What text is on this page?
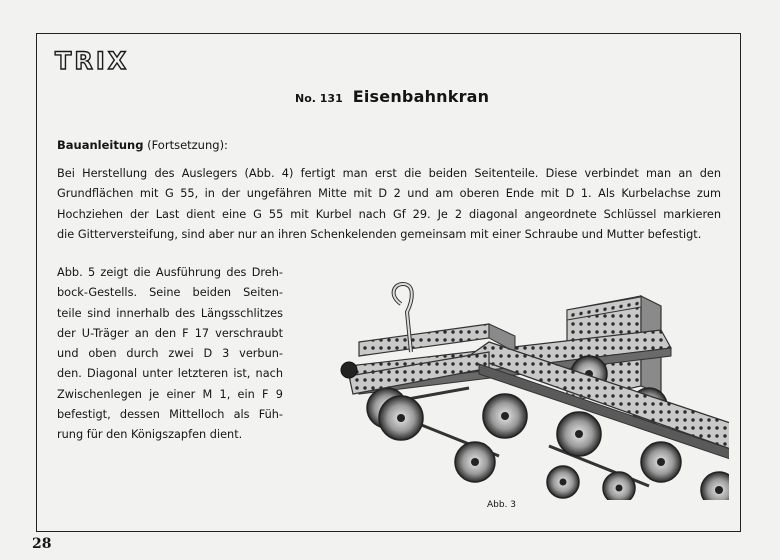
TRIX
No. 131 Eisenbahnkran
Bauanleitung (Fortsetzung):
Bei Herstellung des Auslegers (Abb. 4) fertigt man erst die beiden Seitenteile. Diese verbindet man an den
Grundflächen mit G 55, in der ungefähren Mitte mit D 2 und am oberen Ende mit D 1. Als Kurbelachse zum
Hochziehen der Last dient eine G 55 mit Kurbel nach Gf 29. Je 2 diagonal angeordnete Schlüssel markieren
die Gitterversteifung, sind aber nur an ihren Schenkelenden gemeinsam mit einer Schraube und Mutter befestigt.
Abb. 5 zeigt die Ausführung des Dreh-
bock-Gestells. Seine beiden Seiten-
teile sind innerhalb des Längsschlitzes
der U-Träger an den F 17 verschraubt
und oben durch zwei D 3 verbun-
den. Diagonal unter letzteren ist, nach
Zwischenlegen je einer M 1, ein F 9
befestigt, dessen Mittelloch als Füh-
rung für den Königszapfen dient.
Abb. 3
28
